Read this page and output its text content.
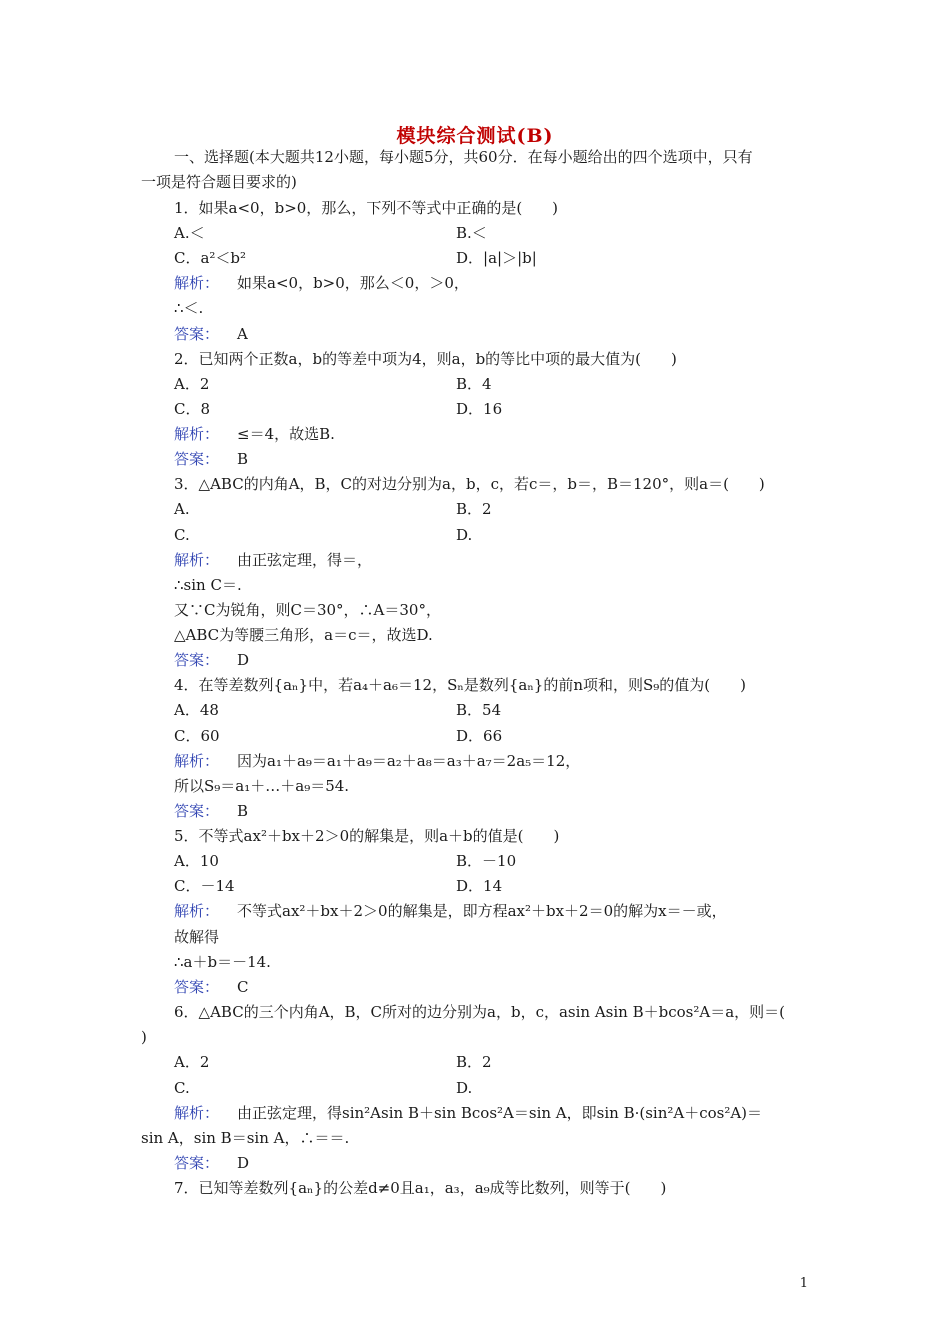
模块综合测试(B)
一、选择题(本大题共12小题，每小题5分，共60分．在每小题给出的四个选项中，只有
一项是符合题目要求的)
1．如果a<0，b>0，那么，下列不等式中正确的是(　　)
A.＜	B.＜
C．a²＜b²	D．|a|＞|b|
解析： 如果a<0，b>0，那么＜0，＞0，
∴＜.
答案： A
2．已知两个正数a，b的等差中项为4，则a，b的等比中项的最大值为(　　)
A．2	B．4
C．8	D．16
解析： ≤＝4，故选B.
答案： B
3．△ABC的内角A，B，C的对边分别为a，b，c，若c＝，b＝，B＝120°，则a＝(　　)
A.	B．2
C.	D.
解析： 由正弦定理，得＝，
∴sin C＝.
又∵C为锐角，则C＝30°，∴A＝30°，
△ABC为等腰三角形，a＝c＝，故选D.
答案： D
4．在等差数列{aₙ}中，若a₄＋a₆＝12，Sₙ是数列{aₙ}的前n项和，则S₉的值为(　　)
A．48	B．54
C．60	D．66
解析： 因为a₁＋a₉＝a₁＋a₉＝a₂＋a₈＝a₃＋a₇＝2a₅＝12，
所以S₉＝a₁＋…＋a₉＝54.
答案： B
5．不等式ax²＋bx＋2＞0的解集是，则a＋b的值是(　　)
A．10	B．－10
C．－14	D．14
解析： 不等式ax²＋bx＋2＞0的解集是，即方程ax²＋bx＋2＝0的解为x＝－或，
故解得
∴a＋b＝－14.
答案： C
6．△ABC的三个内角A，B，C所对的边分别为a，b，c，asin Asin B＋bcos²A＝a，则＝(
)
A．2	B．2
C.	D.
解析： 由正弦定理，得sin²Asin B＋sin Bcos²A＝sin A，即sin B·(sin²A＋cos²A)＝
sin A，sin B＝sin A，∴＝＝.
答案： D
7．已知等差数列{aₙ}的公差d≠0且a₁，a₃，a₉成等比数列，则等于(　　)
1
